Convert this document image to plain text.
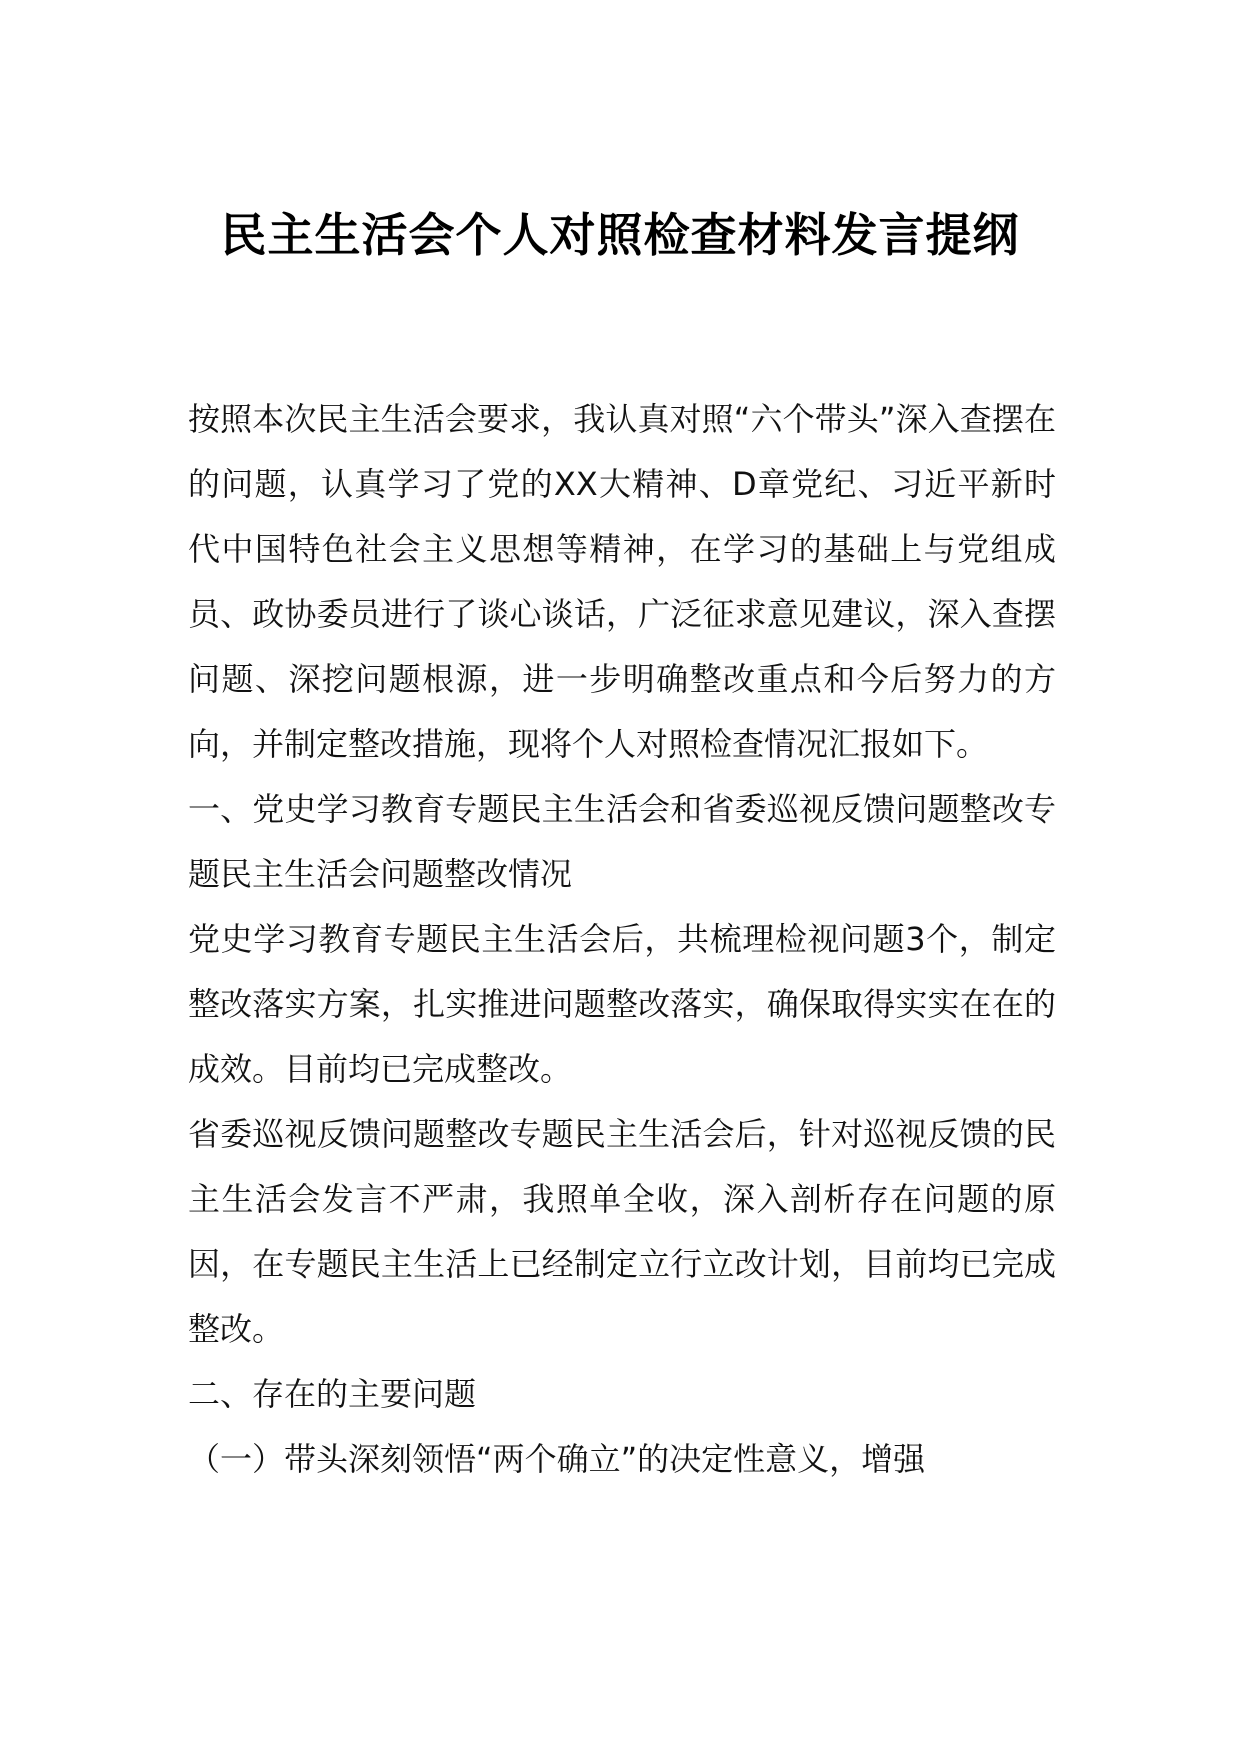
民主生活会个人对照检查材料发言提纲

按照本次民主生活会要求，我认真对照“六个带头”深入查摆在的问题，认真学习了党的XX大精神、D章党纪、习近平新时代中国特色社会主义思想等精神，在学习的基础上与党组成员、政协委员进行了谈心谈话，广泛征求意见建议，深入查摆问题、深挖问题根源，进一步明确整改重点和今后努力的方向，并制定整改措施，现将个人对照检查情况汇报如下。

一、党史学习教育专题民主生活会和省委巡视反馈问题整改专题民主生活会问题整改情况

党史学习教育专题民主生活会后，共梳理检视问题3个，制定整改落实方案，扎实推进问题整改落实，确保取得实实在在的成效。目前均已完成整改。

省委巡视反馈问题整改专题民主生活会后，针对巡视反馈的民主生活会发言不严肃，我照单全收，深入剖析存在问题的原因，在专题民主生活上已经制定立行立改计划，目前均已完成整改。

二、存在的主要问题

（一）带头深刻领悟“两个确立”的决定性意义，增强
